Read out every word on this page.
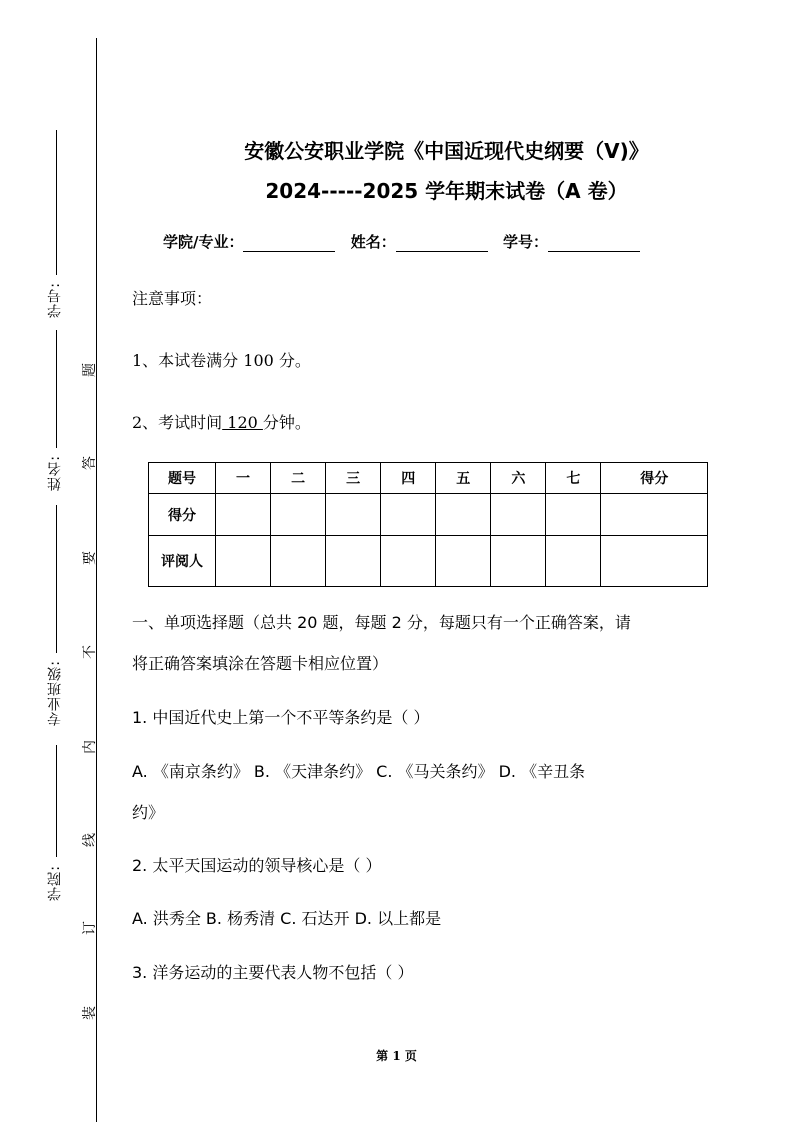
学号:
姓名:
专业班级:
学院:
题
答
要
不
内
线
订
装
安徽公安职业学院《中国近现代史纲要（V)》
2024-----2025 学年期末试卷（A 卷）
学院/专业：	姓名：	学号：
注意事项：
1、本试卷满分 100 分。
2、考试时间 120 分钟。
题号	一	二	三	四	五	六	七	得分
得分								
评阅人								
一、单项选择题（总共 20 题，每题 2 分，每题只有一个正确答案，请
将正确答案填涂在答题卡相应位置）
1. 中国近代史上第一个不平等条约是（ ）
A. 《南京条约》 B. 《天津条约》 C. 《马关条约》 D. 《辛丑条
约》
2. 太平天国运动的领导核心是（ ）
A. 洪秀全 B. 杨秀清 C. 石达开 D. 以上都是
3. 洋务运动的主要代表人物不包括（ ）
第 1 页
